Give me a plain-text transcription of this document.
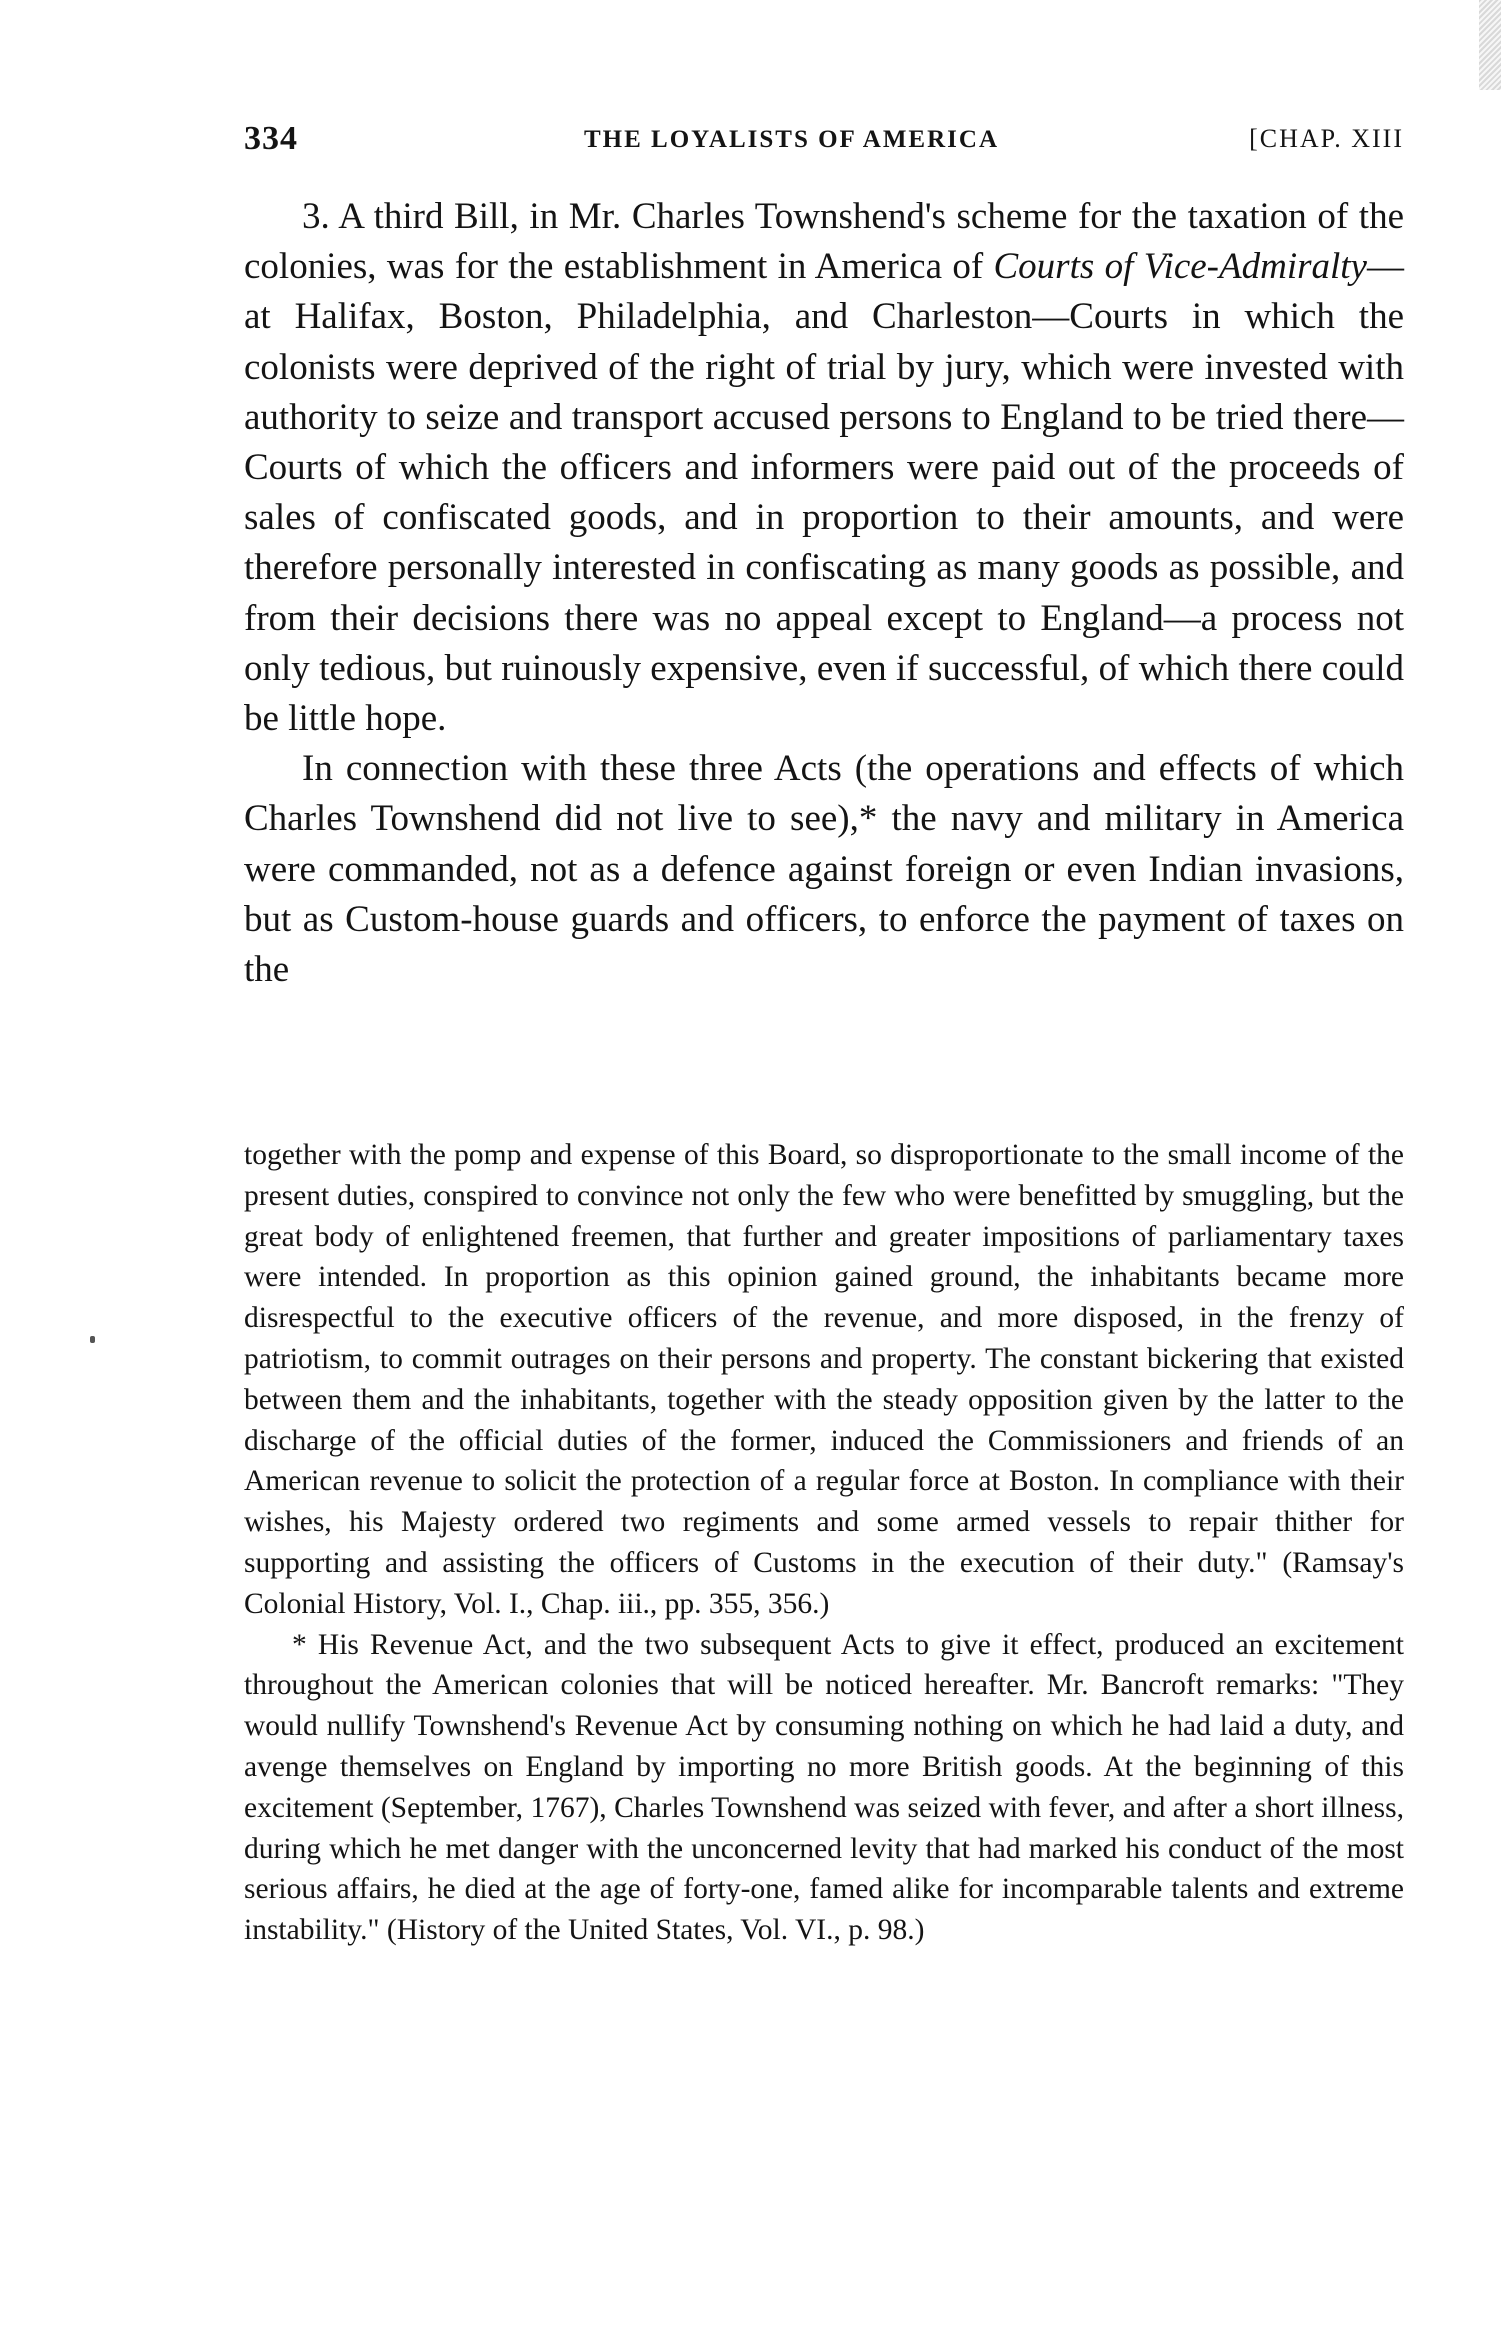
334	THE LOYALISTS OF AMERICA	[CHAP. XIII

3. A third Bill, in Mr. Charles Townshend's scheme for the taxation of the colonies, was for the establishment in America of Courts of Vice-Admiralty—at Halifax, Boston, Philadelphia, and Charleston—Courts in which the colonists were deprived of the right of trial by jury, which were invested with authority to seize and transport accused persons to England to be tried there—Courts of which the officers and informers were paid out of the proceeds of sales of confiscated goods, and in proportion to their amounts, and were therefore personally interested in confiscating as many goods as possible, and from their decisions there was no appeal except to England—a process not only tedious, but ruinously expensive, even if successful, of which there could be little hope.

In connection with these three Acts (the operations and effects of which Charles Townshend did not live to see),* the navy and military in America were commanded, not as a defence against foreign or even Indian invasions, but as Custom-house guards and officers, to enforce the payment of taxes on the

together with the pomp and expense of this Board, so disproportionate to the small income of the present duties, conspired to convince not only the few who were benefitted by smuggling, but the great body of enlightened freemen, that further and greater impositions of parliamentary taxes were intended. In proportion as this opinion gained ground, the inhabitants became more disrespectful to the executive officers of the revenue, and more disposed, in the frenzy of patriotism, to commit outrages on their persons and property. The constant bickering that existed between them and the inhabitants, together with the steady opposition given by the latter to the discharge of the official duties of the former, induced the Commissioners and friends of an American revenue to solicit the protection of a regular force at Boston. In compliance with their wishes, his Majesty ordered two regiments and some armed vessels to repair thither for supporting and assisting the officers of Customs in the execution of their duty." (Ramsay's Colonial History, Vol. I., Chap. iii., pp. 355, 356.)

* His Revenue Act, and the two subsequent Acts to give it effect, produced an excitement throughout the American colonies that will be noticed hereafter. Mr. Bancroft remarks: "They would nullify Townshend's Revenue Act by consuming nothing on which he had laid a duty, and avenge themselves on England by importing no more British goods. At the beginning of this excitement (September, 1767), Charles Townshend was seized with fever, and after a short illness, during which he met danger with the unconcerned levity that had marked his conduct of the most serious affairs, he died at the age of forty-one, famed alike for incomparable talents and extreme instability." (History of the United States, Vol. VI., p. 98.)
